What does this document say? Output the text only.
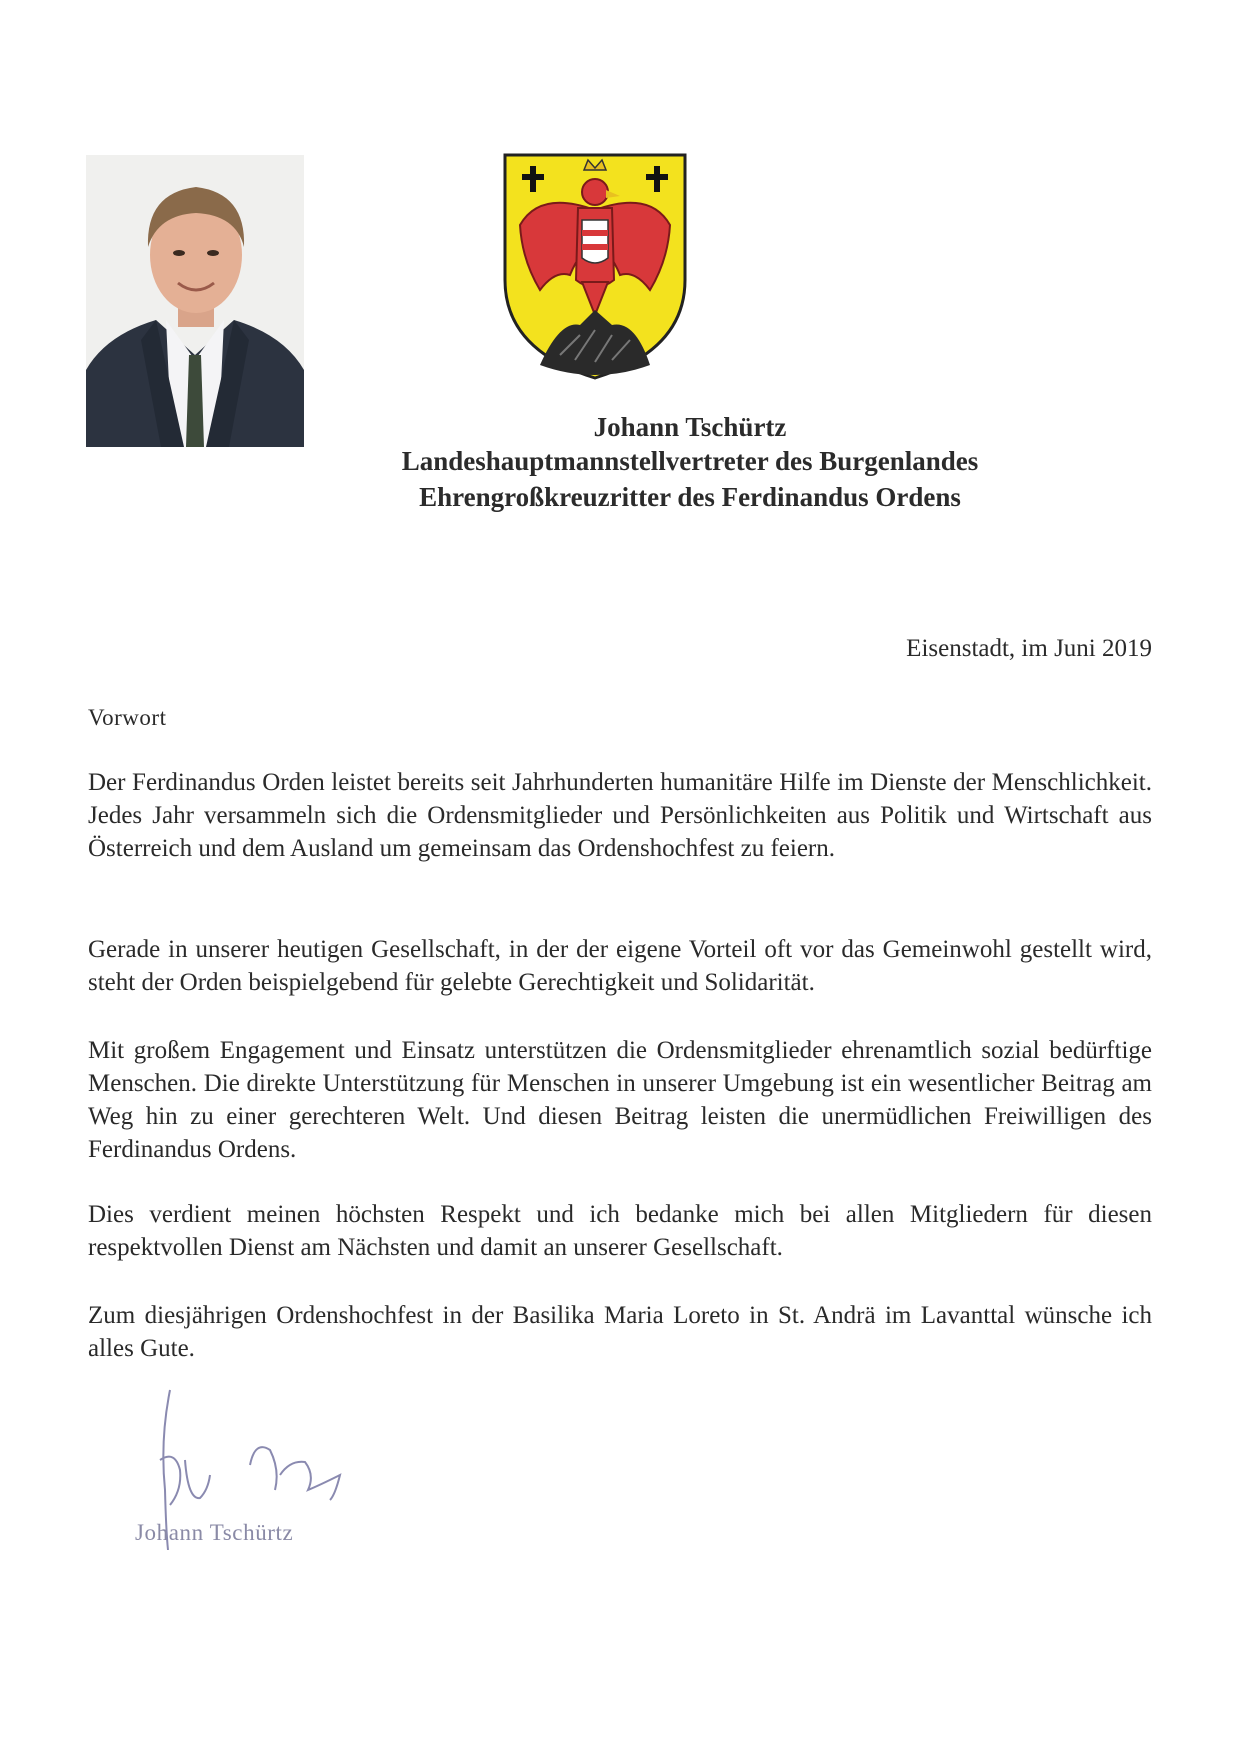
Johann Tschürtz
Landeshauptmannstellvertreter des Burgenlandes
Ehrengroßkreuzritter des Ferdinandus Ordens
Eisenstadt, im Juni 2019
Vorwort

Der Ferdinandus Orden leistet bereits seit Jahrhunderten humanitäre Hilfe im Dienste der Menschlichkeit. Jedes Jahr versammeln sich die Ordensmitglieder und Persönlichkeiten aus Politik und Wirtschaft aus Österreich und dem Ausland um gemeinsam das Ordenshochfest zu feiern.

Gerade in unserer heutigen Gesellschaft, in der der eigene Vorteil oft vor das Gemeinwohl gestellt wird, steht der Orden beispielgebend für gelebte Gerechtigkeit und Solidarität.

Mit großem Engagement und Einsatz unterstützen die Ordensmitglieder ehrenamtlich sozial bedürftige Menschen. Die direkte Unterstützung für Menschen in unserer Umgebung ist ein wesentlicher Beitrag am Weg hin zu einer gerechteren Welt. Und diesen Beitrag leisten die unermüdlichen Freiwilligen des Ferdinandus Ordens.

Dies verdient meinen höchsten Respekt und ich bedanke mich bei allen Mitgliedern für diesen respektvollen Dienst am Nächsten und damit an unserer Gesellschaft.

Zum diesjährigen Ordenshochfest in der Basilika Maria Loreto in St. Andrä im Lavanttal wünsche ich alles Gute.

Johann Tschürtz
